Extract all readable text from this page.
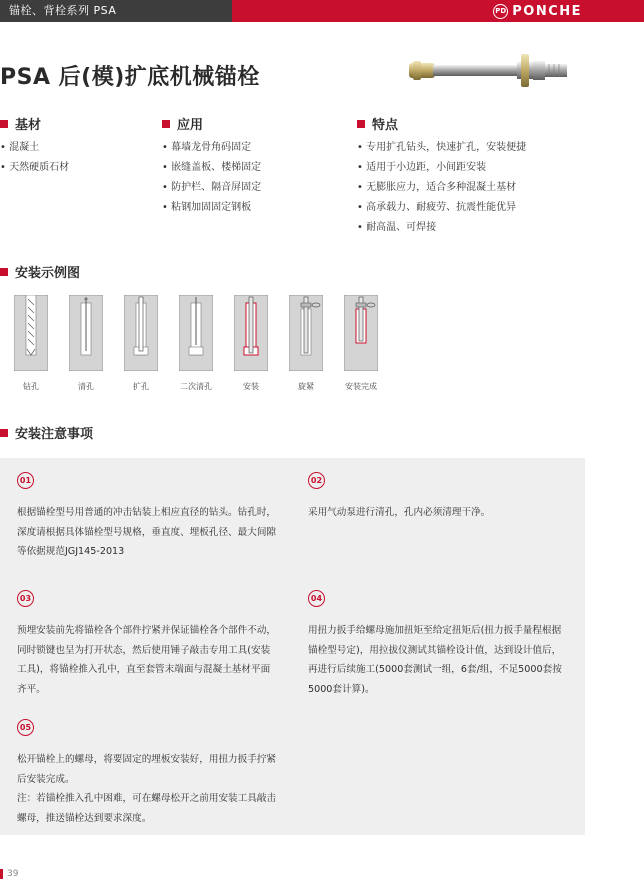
锚栓、背栓系列 PSA	PD PONCHE
PSA 后(模)扩底机械锚栓
基材
• 混凝土
• 天然硬质石材
应用
• 幕墙龙骨角码固定
• 嵌缝盖板、楼梯固定
• 防护栏、隔音屏固定
• 粘钢加固固定钢板
特点
• 专用扩孔钻头，快速扩孔，安装便捷
• 适用于小边距，小间距安装
• 无膨胀应力，适合多种混凝土基材
• 高承载力、耐疲劳、抗震性能优异
• 耐高温、可焊接
安装示例图
钻孔	清孔	扩孔	二次清孔	安装	旋紧	安装完成
安装注意事项
01
根据锚栓型号用普通的冲击钻装上相应直径的钻头。钻孔时，深度请根据具体锚栓型号规格，垂直度、埋板孔径、最大间隙等依据规范JGJ145-2013
02
采用气动泵进行清孔，孔内必须清理干净。
03
预埋安装前先将锚栓各个部件拧紧并保证锚栓各个部件不动，同时锁键也呈为打开状态，然后使用锤子敲击专用工具(安装工具)，将锚栓推入孔中，直至套管末端面与混凝土基材平面齐平。
04
用扭力扳手给螺母施加扭矩至给定扭矩后(扭力扳手量程根据锚栓型号定)，用拉拔仪测试其锚栓设计值，达到设计值后，再进行后续施工(5000套测试一组，6套/组，不足5000套按5000套计算)。
05
松开锚栓上的螺母，将要固定的埋板安装好，用扭力扳手拧紧后安装完成。
注：若锚栓推入孔中困难，可在螺母松开之前用安装工具敲击螺母，推送锚栓达到要求深度。
39
